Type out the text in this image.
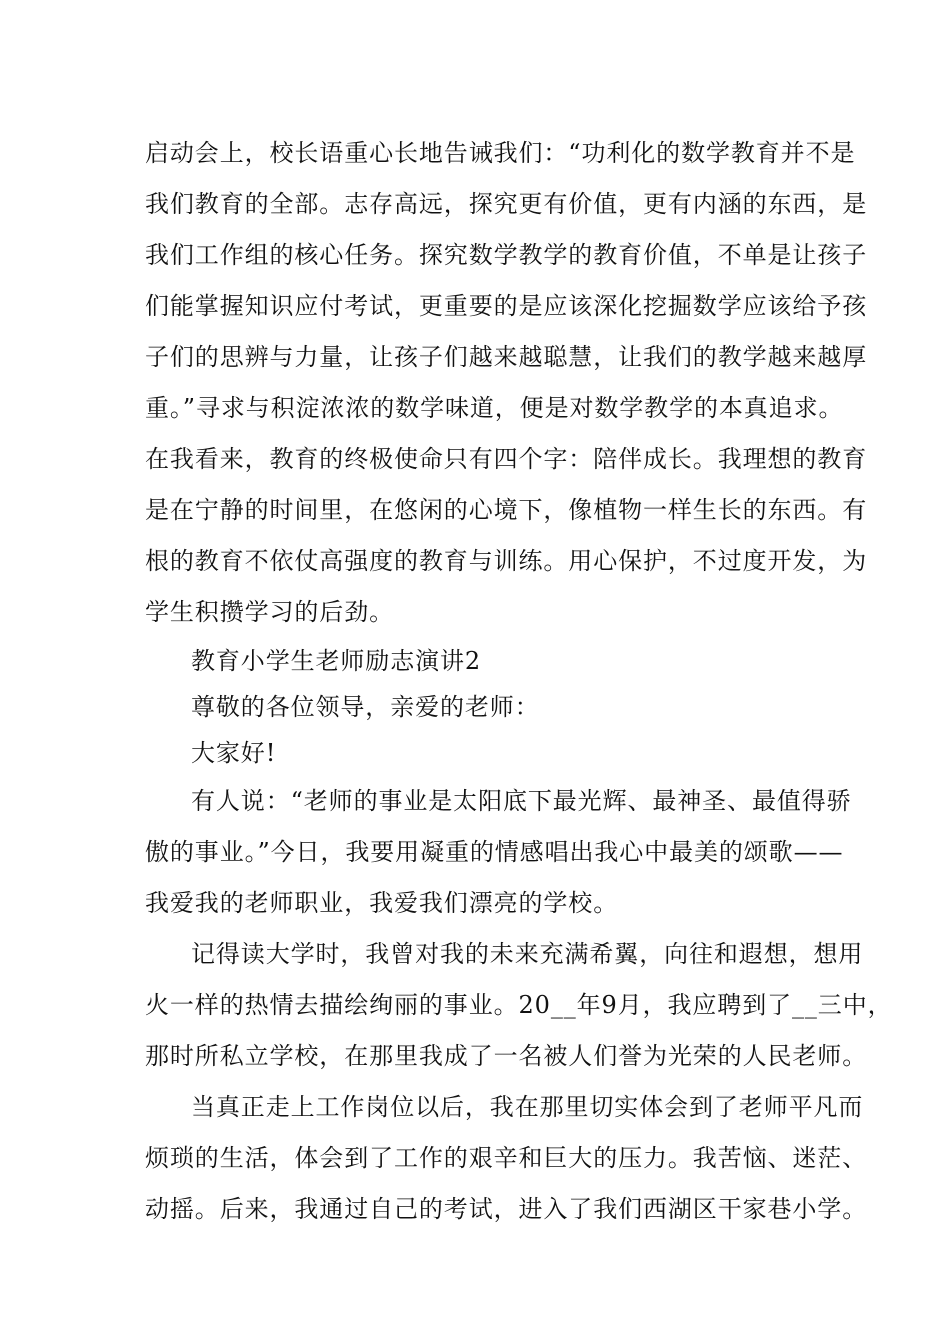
启动会上，校长语重心长地告诫我们：“功利化的数学教育并不是
我们教育的全部。志存高远，探究更有价值，更有内涵的东西，是
我们工作组的核心任务。探究数学教学的教育价值，不单是让孩子
们能掌握知识应付考试，更重要的是应该深化挖掘数学应该给予孩
子们的思辨与力量，让孩子们越来越聪慧，让我们的教学越来越厚
重。”寻求与积淀浓浓的数学味道，便是对数学教学的本真追求。
在我看来，教育的终极使命只有四个字：陪伴成长。我理想的教育
是在宁静的时间里，在悠闲的心境下，像植物一样生长的东西。有
根的教育不依仗高强度的教育与训练。用心保护，不过度开发，为
学生积攒学习的后劲。
教育小学生老师励志演讲2
尊敬的各位领导，亲爱的老师：
大家好!
有人说：“老师的事业是太阳底下最光辉、最神圣、最值得骄
傲的事业。”今日，我要用凝重的情感唱出我心中最美的颂歌——
我爱我的老师职业，我爱我们漂亮的学校。
记得读大学时，我曾对我的未来充满希翼，向往和遐想，想用
火一样的热情去描绘绚丽的事业。20__年9月，我应聘到了__三中，
那时所私立学校，在那里我成了一名被人们誉为光荣的人民老师。
当真正走上工作岗位以后，我在那里切实体会到了老师平凡而
烦琐的生活，体会到了工作的艰辛和巨大的压力。我苦恼、迷茫、
动摇。后来，我通过自己的考试，进入了我们西湖区干家巷小学。
